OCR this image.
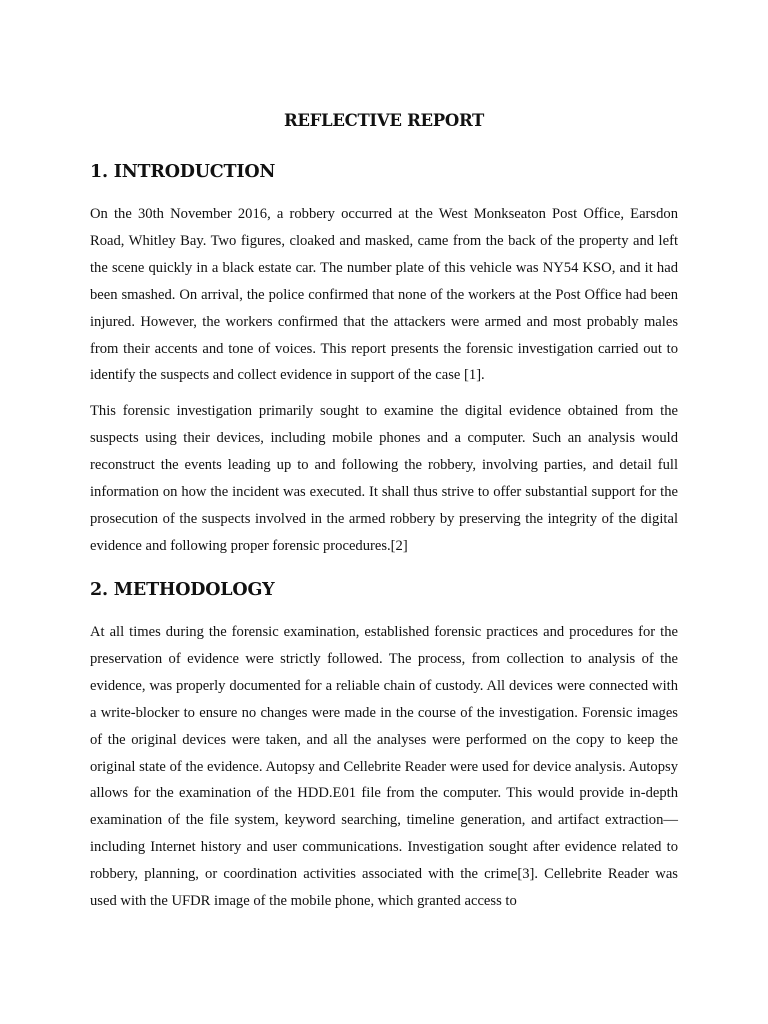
REFLECTIVE REPORT
1. INTRODUCTION

On the 30th November 2016, a robbery occurred at the West Monkseaton Post Office, Earsdon Road, Whitley Bay. Two figures, cloaked and masked, came from the back of the property and left the scene quickly in a black estate car. The number plate of this vehicle was NY54 KSO, and it had been smashed. On arrival, the police confirmed that none of the workers at the Post Office had been injured. However, the workers confirmed that the attackers were armed and most probably males from their accents and tone of voices. This report presents the forensic investigation carried out to identify the suspects and collect evidence in support of the case [1].

This forensic investigation primarily sought to examine the digital evidence obtained from the suspects using their devices, including mobile phones and a computer. Such an analysis would reconstruct the events leading up to and following the robbery, involving parties, and detail full information on how the incident was executed. It shall thus strive to offer substantial support for the prosecution of the suspects involved in the armed robbery by preserving the integrity of the digital evidence and following proper forensic procedures.[2]

2. METHODOLOGY

At all times during the forensic examination, established forensic practices and procedures for the preservation of evidence were strictly followed. The process, from collection to analysis of the evidence, was properly documented for a reliable chain of custody. All devices were connected with a write-blocker to ensure no changes were made in the course of the investigation. Forensic images of the original devices were taken, and all the analyses were performed on the copy to keep the original state of the evidence. Autopsy and Cellebrite Reader were used for device analysis. Autopsy allows for the examination of the HDD.E01 file from the computer. This would provide in-depth examination of the file system, keyword searching, timeline generation, and artifact extraction—including Internet history and user communications. Investigation sought after evidence related to robbery, planning, or coordination activities associated with the crime[3]. Cellebrite Reader was used with the UFDR image of the mobile phone, which granted access to
